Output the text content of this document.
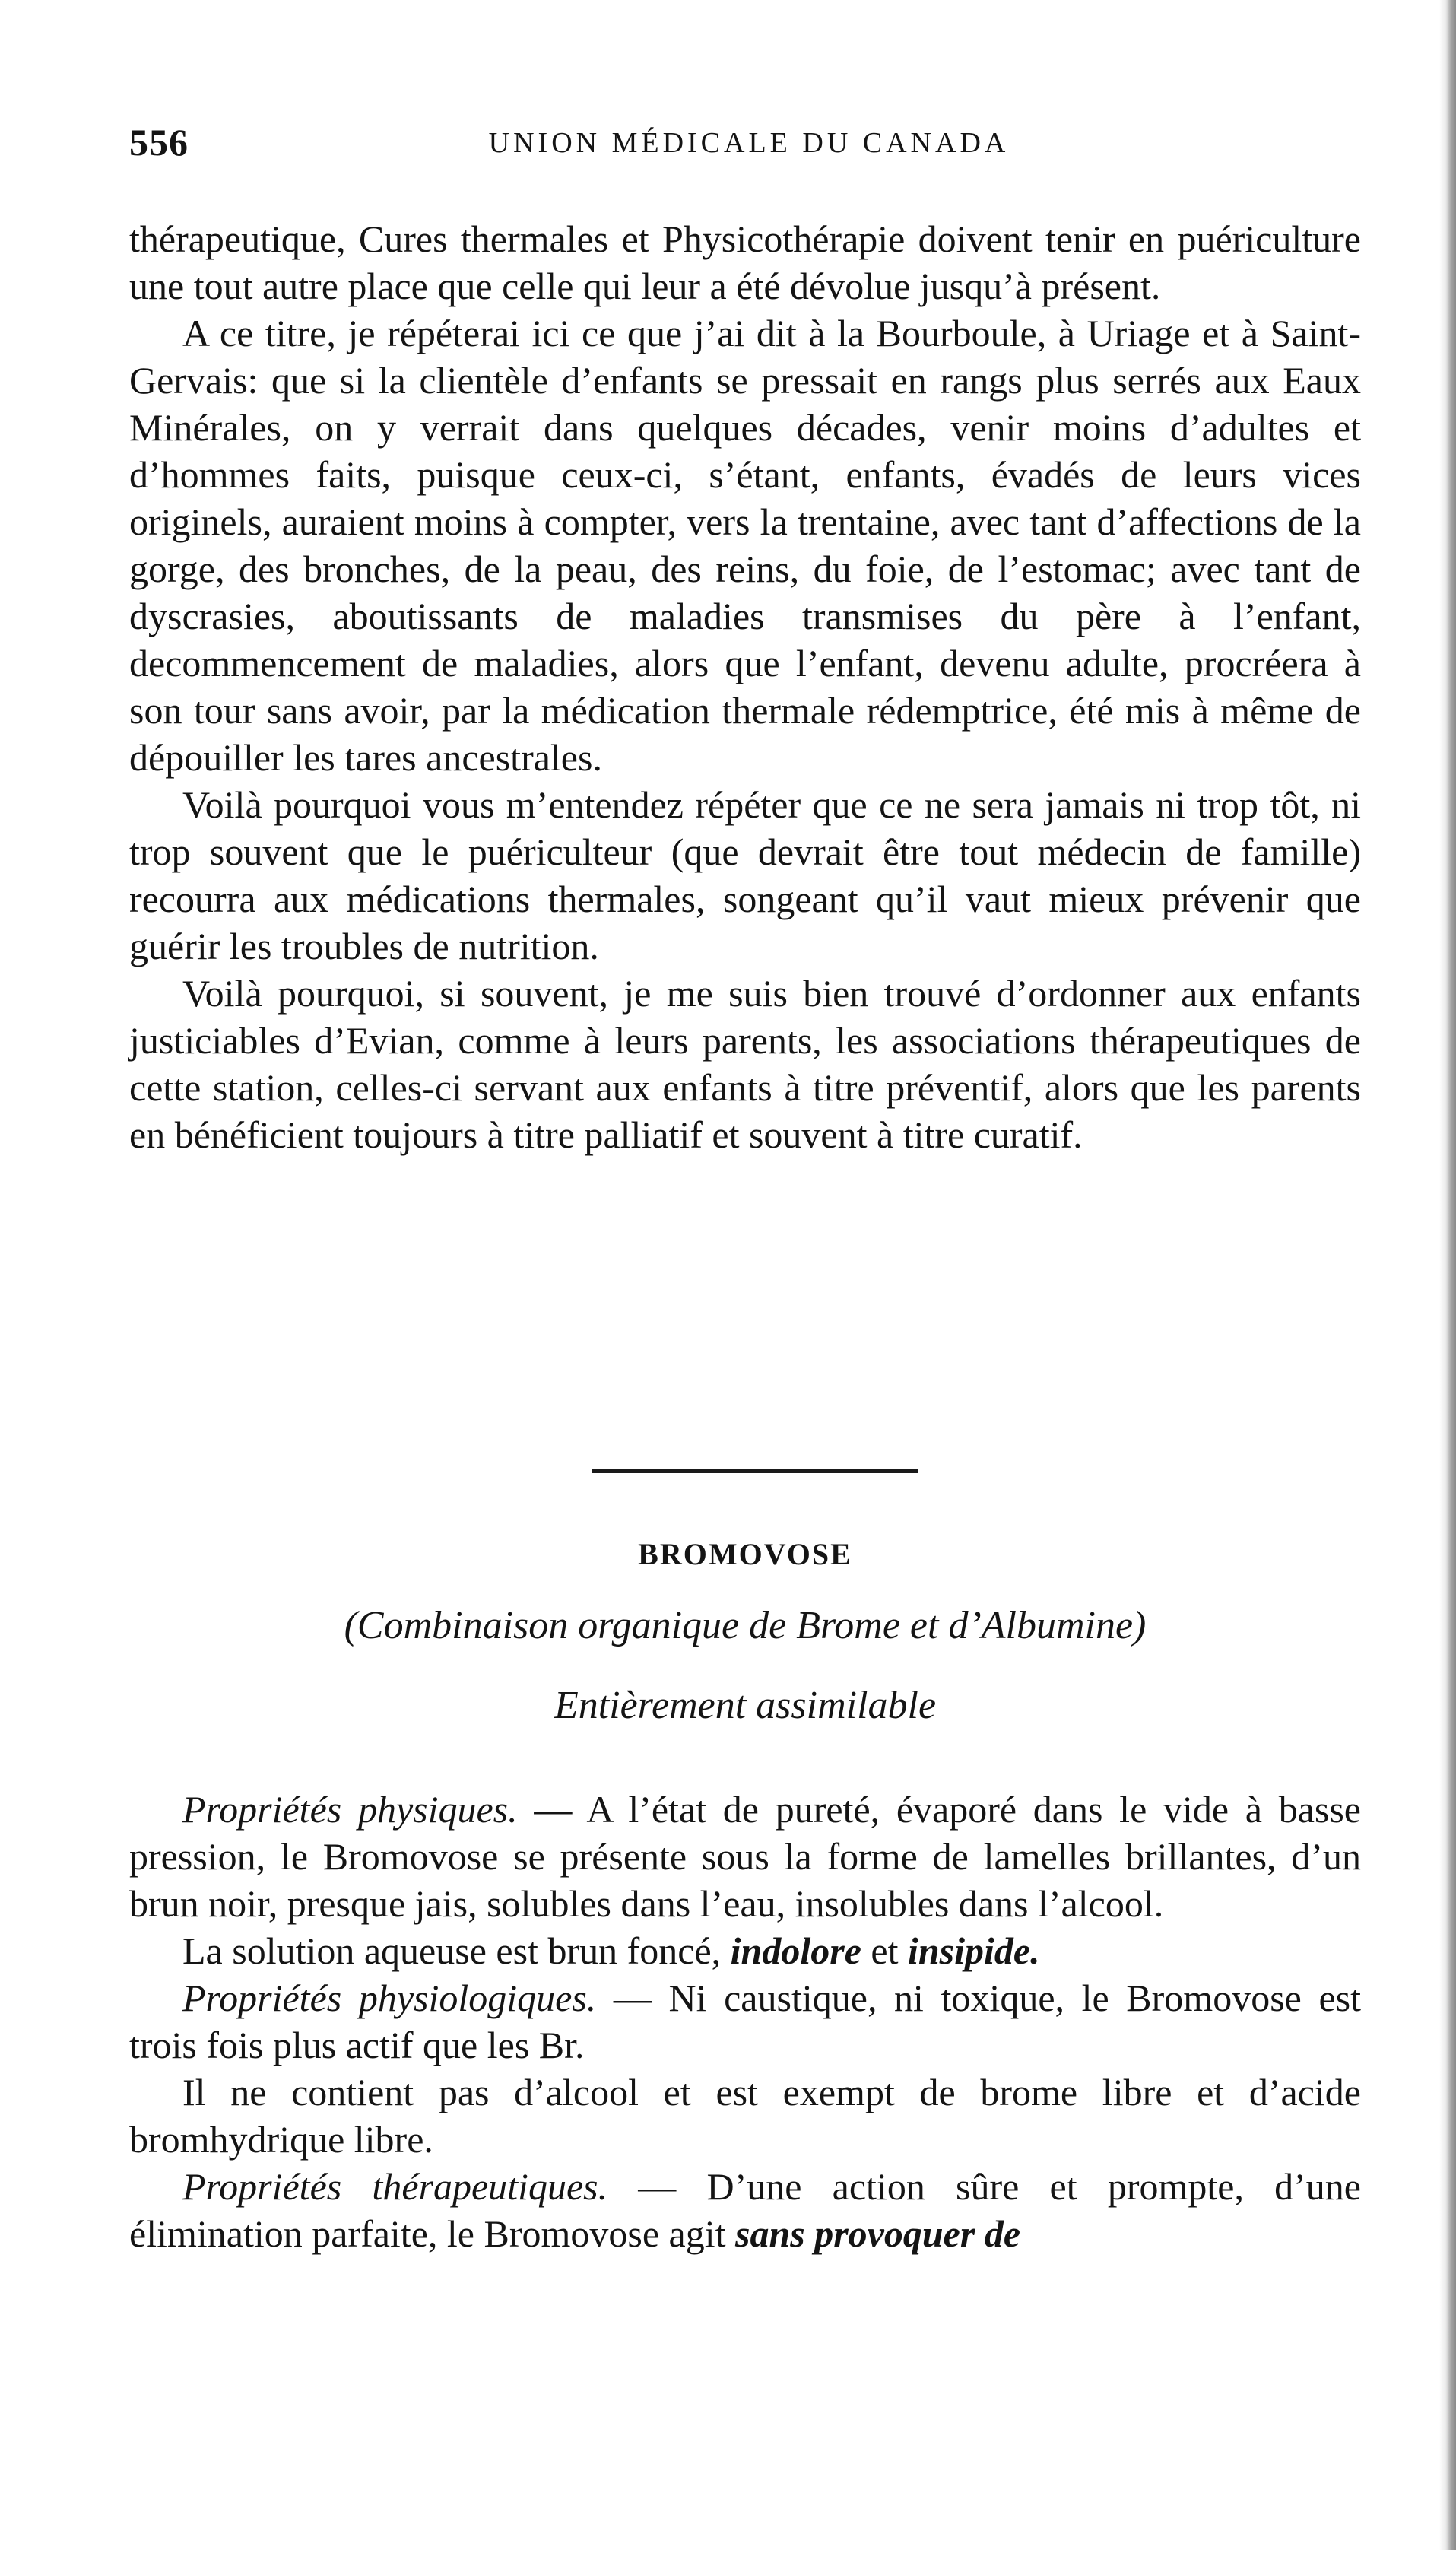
556	UNION MÉDICALE DU CANADA

thérapeutique, Cures thermales et Physicothérapie doivent tenir en puériculture une tout autre place que celle qui leur a été dévolue jusqu’à présent.

A ce titre, je répéterai ici ce que j’ai dit à la Bourboule, à Uriage et à Saint-Gervais: que si la clientèle d’enfants se pressait en rangs plus serrés aux Eaux Minérales, on y verrait dans quelques décades, venir moins d’adultes et d’hommes faits, puisque ceux-ci, s’étant, enfants, évadés de leurs vices originels, auraient moins à compter, vers la trentaine, avec tant d’affections de la gorge, des bronches, de la peau, des reins, du foie, de l’estomac; avec tant de dyscrasies, aboutissants de maladies transmises du père à l’enfant, decommencement de maladies, alors que l’enfant, devenu adulte, procréera à son tour sans avoir, par la médication thermale rédemptrice, été mis à même de dépouiller les tares ancestrales.

Voilà pourquoi vous m’entendez répéter que ce ne sera jamais ni trop tôt, ni trop souvent que le puériculteur (que devrait être tout médecin de famille) recourra aux médications thermales, songeant qu’il vaut mieux prévenir que guérir les troubles de nutrition.

Voilà pourquoi, si souvent, je me suis bien trouvé d’ordonner aux enfants justiciables d’Evian, comme à leurs parents, les associations thérapeutiques de cette station, celles-ci servant aux enfants à titre préventif, alors que les parents en bénéficient toujours à titre palliatif et souvent à titre curatif.

BROMOVOSE
(Combinaison organique de Brome et d’Albumine)
Entièrement assimilable

Propriétés physiques. — A l’état de pureté, évaporé dans le vide à basse pression, le Bromovose se présente sous la forme de lamelles brillantes, d’un brun noir, presque jais, solubles dans l’eau, insolubles dans l’alcool.

La solution aqueuse est brun foncé, indolore et insipide.

Propriétés physiologiques. — Ni caustique, ni toxique, le Bromovose est trois fois plus actif que les Br.

Il ne contient pas d’alcool et est exempt de brome libre et d’acide bromhydrique libre.

Propriétés thérapeutiques. — D’une action sûre et prompte, d’une élimination parfaite, le Bromovose agit sans provoquer de
